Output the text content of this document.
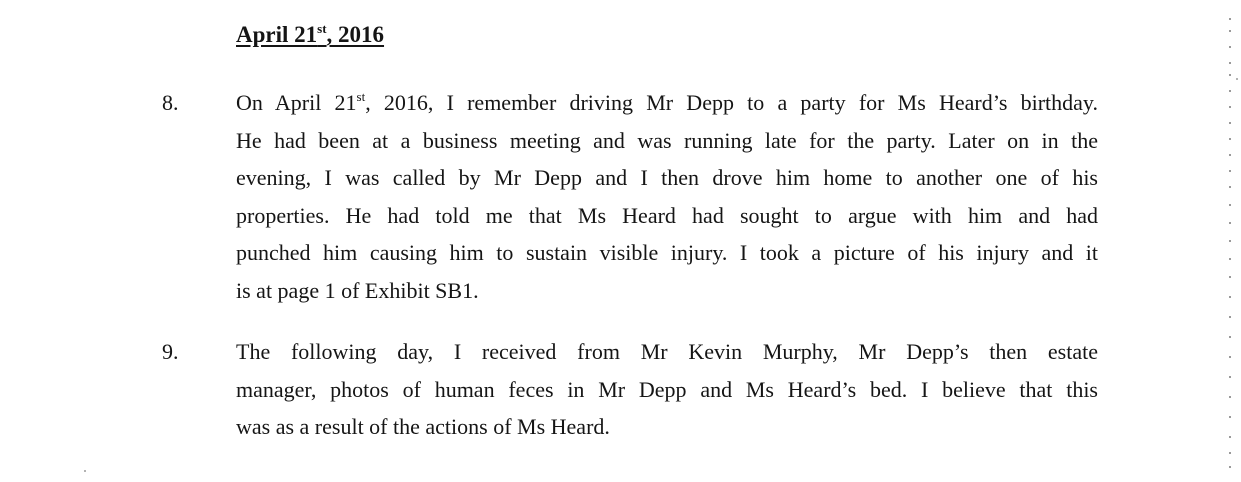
April 21st, 2016
8.	On April 21st, 2016, I remember driving Mr Depp to a party for Ms Heard’s birthday.
He had been at a business meeting and was running late for the party. Later on in the
evening, I was called by Mr Depp and I then drove him home to another one of his
properties. He had told me that Ms Heard had sought to argue with him and had
punched him causing him to sustain visible injury. I took a picture of his injury and it
is at page 1 of Exhibit SB1.
9.	The following day, I received from Mr Kevin Murphy, Mr Depp’s then estate
manager, photos of human feces in Mr Depp and Ms Heard’s bed. I believe that this
was as a result of the actions of Ms Heard.
